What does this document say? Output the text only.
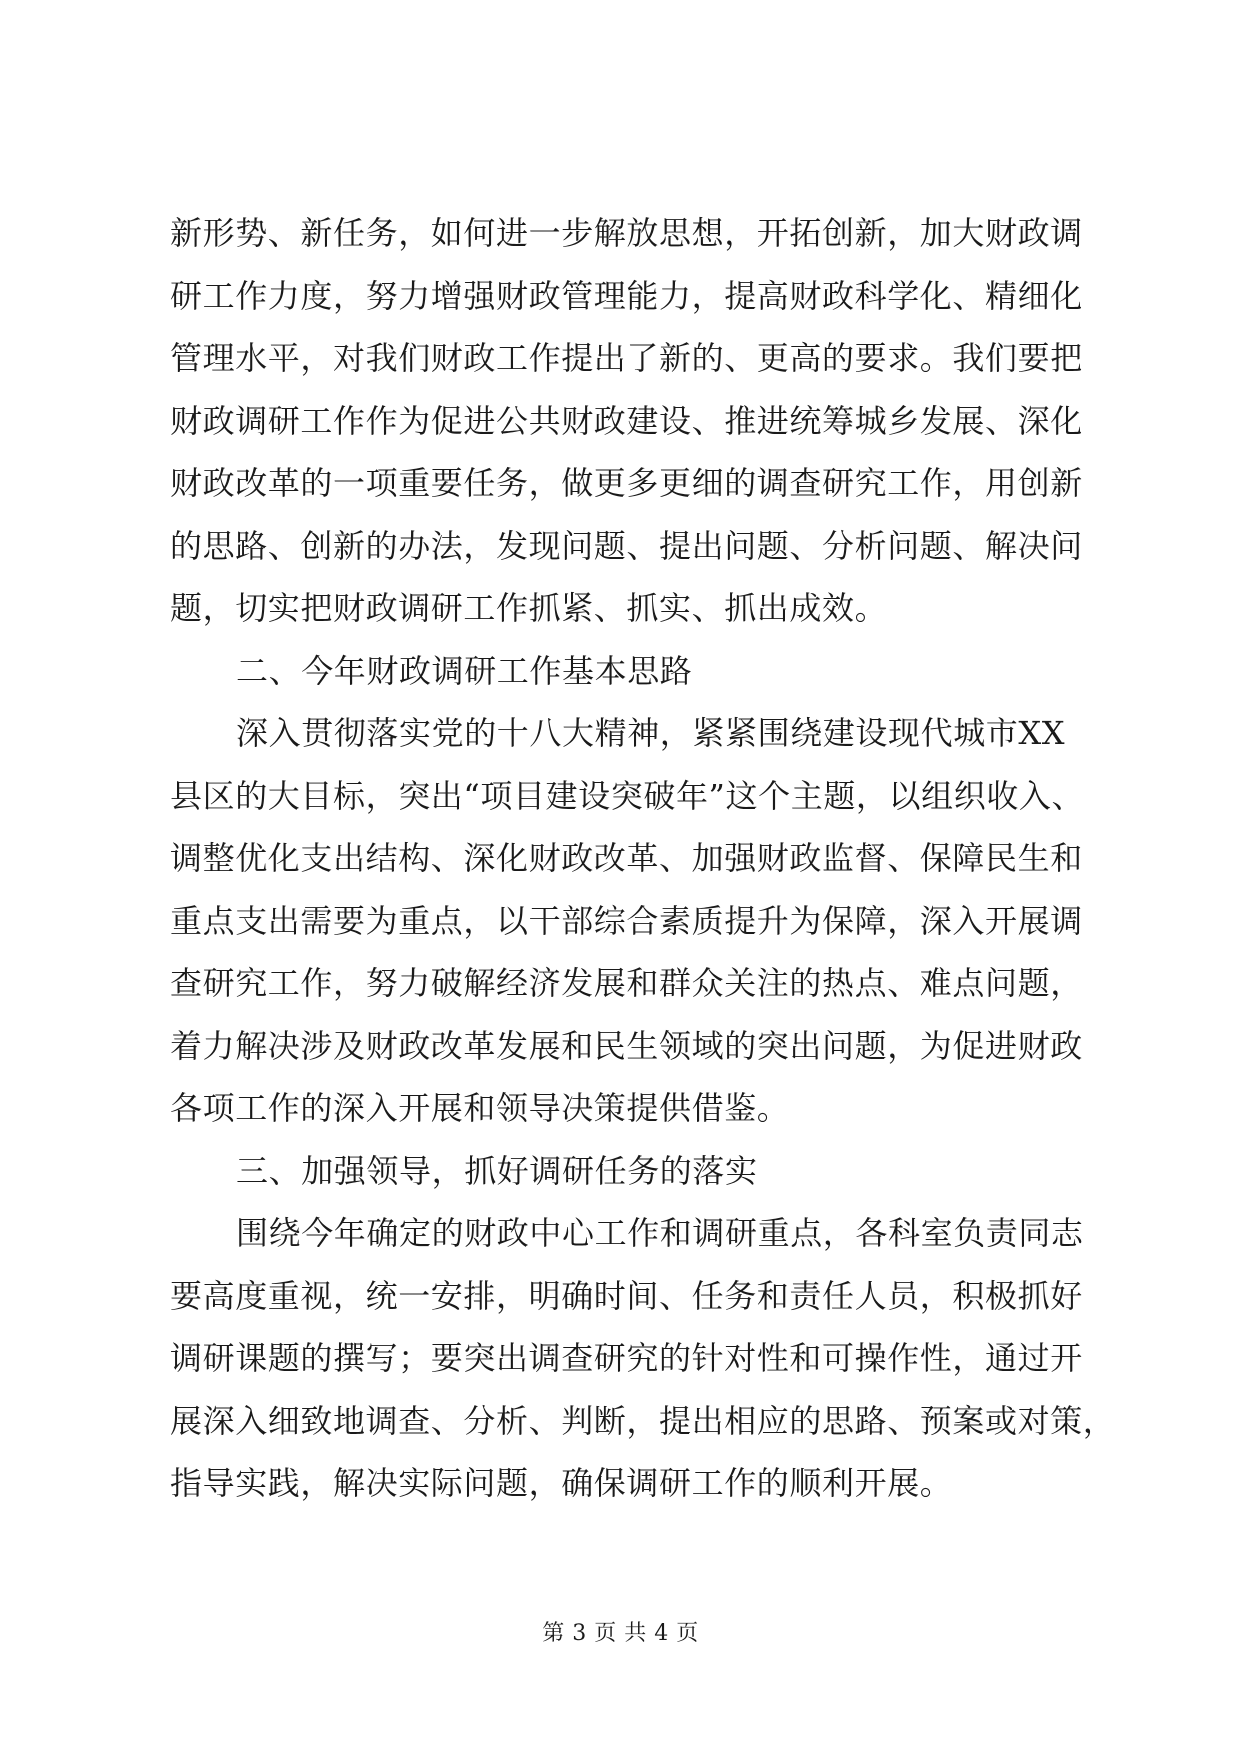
新形势、新任务，如何进一步解放思想，开拓创新，加大财政调
研工作力度，努力增强财政管理能力，提高财政科学化、精细化
管理水平，对我们财政工作提出了新的、更高的要求。我们要把
财政调研工作作为促进公共财政建设、推进统筹城乡发展、深化
财政改革的一项重要任务，做更多更细的调查研究工作，用创新
的思路、创新的办法，发现问题、提出问题、分析问题、解决问
题，切实把财政调研工作抓紧、抓实、抓出成效。
二、今年财政调研工作基本思路
深入贯彻落实党的十八大精神，紧紧围绕建设现代城市XX
县区的大目标，突出“项目建设突破年”这个主题，以组织收入、
调整优化支出结构、深化财政改革、加强财政监督、保障民生和
重点支出需要为重点，以干部综合素质提升为保障，深入开展调
查研究工作，努力破解经济发展和群众关注的热点、难点问题，
着力解决涉及财政改革发展和民生领域的突出问题，为促进财政
各项工作的深入开展和领导决策提供借鉴。
三、加强领导，抓好调研任务的落实
围绕今年确定的财政中心工作和调研重点，各科室负责同志
要高度重视，统一安排，明确时间、任务和责任人员，积极抓好
调研课题的撰写；要突出调查研究的针对性和可操作性，通过开
展深入细致地调查、分析、判断，提出相应的思路、预案或对策，
指导实践，解决实际问题，确保调研工作的顺利开展。
第 3 页 共 4 页
